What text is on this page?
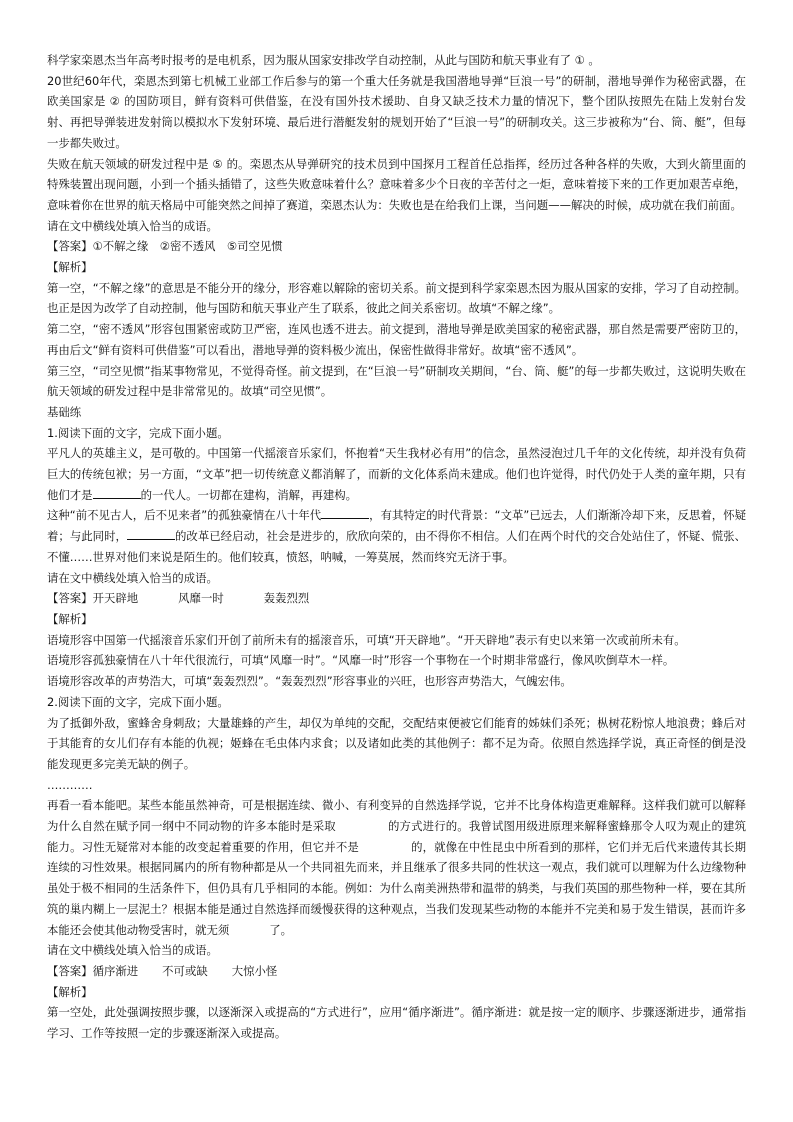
科学家栾恩杰当年高考时报考的是电机系，因为服从国家安排改学自动控制，从此与国防和航天事业有了 ① 。

20世纪60年代，栾恩杰到第七机械工业部工作后参与的第一个重大任务就是我国潜地导弹“巨浪一号”的研制，潜地导弹作为秘密武器，在欧美国家是 ② 的国防项目，鲜有资料可供借鉴，在没有国外技术援助、自身又缺乏技术力量的情况下，整个团队按照先在陆上发射台发射、再把导弹装进发射筒以模拟水下发射环境、最后进行潜艇发射的规划开始了“巨浪一号”的研制攻关。这三步被称为“台、筒、艇”，但每一步都失败过。

失败在航天领域的研发过程中是 ⑤ 的。栾恩杰从导弹研究的技术员到中国探月工程首任总指挥，经历过各种各样的失败，大到火箭里面的特殊装置出现问题，小到一个插头插错了，这些失败意味着什么？意味着多少个日夜的辛苦付之一炬，意味着接下来的工作更加艰苦卓绝，意味着你在世界的航天格局中可能突然之间掉了赛道，栾恩杰认为：失败也是在给我们上课，当问题——解决的时候，成功就在我们前面。

请在文中横线处填入恰当的成语。

【答案】①不解之缘　②密不透风　⑤司空见惯

【解析】

第一空，“不解之缘”的意思是不能分开的缘分，形容难以解除的密切关系。前文提到科学家栾恩杰因为服从国家的安排，学习了自动控制。也正是因为改学了自动控制，他与国防和航天事业产生了联系，彼此之间关系密切。故填“不解之缘”。

第二空，“密不透风”形容包围紧密或防卫严密，连风也透不进去。前文提到，潜地导弹是欧美国家的秘密武器，那自然是需要严密防卫的，再由后文“鲜有资料可供借鉴”可以看出，潜地导弹的资料极少流出，保密性做得非常好。故填“密不透风”。

第三空，“司空见惯”指某事物常见，不觉得奇怪。前文提到，在“巨浪一号”研制攻关期间，“台、筒、艇”的每一步都失败过，这说明失败在航天领域的研发过程中是非常常见的。故填“司空见惯”。

基础练

1.阅读下面的文字，完成下面小题。

平凡人的英雄主义，是可敬的。中国第一代摇滚音乐家们，怀抱着“天生我材必有用”的信念，虽然浸泡过几千年的文化传统，却并没有负荷巨大的传统包袱；另一方面，“文革”把一切传统意义都消解了，而新的文化体系尚未建成。他们也许觉得，时代仍处于人类的童年期，只有他们才是	的一代人。一切都在建构，消解，再建构。

这种“前不见古人，后不见来者”的孤独豪情在八十年代	，有其特定的时代背景：“文革”已远去，人们渐渐冷却下来，反思着，怀疑着；与此同时，	的改革已经启动，社会是进步的，欣欣向荣的，由不得你不相信。人们在两个时代的交合处站住了，怀疑、慌张、不懂……世界对他们来说是陌生的。他们较真，愤怒，呐喊，一筹莫展，然而终究无济于事。

请在文中横线处填入恰当的成语。

【答案】开天辟地	风靡一时	轰轰烈烈

【解析】

语境形容中国第一代摇滚音乐家们开创了前所未有的摇滚音乐，可填“开天辟地”。“开天辟地”表示有史以来第一次或前所未有。

语境形容孤独豪情在八十年代很流行，可填“风靡一时”。“风靡一时”形容一个事物在一个时期非常盛行，像风吹倒草木一样。

语境形容改革的声势浩大，可填“轰轰烈烈”。“轰轰烈烈”形容事业的兴旺，也形容声势浩大，气魄宏伟。

2.阅读下面的文字，完成下面小题。

为了抵御外敌，蜜蜂舍身刺敌；大量雄蜂的产生，却仅为单纯的交配，交配结束便被它们能育的姊妹们杀死；枞树花粉惊人地浪费；蜂后对于其能育的女儿们存有本能的仇视；姬蜂在毛虫体内求食；以及诸如此类的其他例子：都不足为奇。依照自然选择学说，真正奇怪的倒是没能发现更多完美无缺的例子。

…………

再看一看本能吧。某些本能虽然神奇，可是根据连续、微小、有利变异的自然选择学说，它并不比身体构造更难解释。这样我们就可以解释为什么自然在赋予同一纲中不同动物的许多本能时是采取	的方式进行的。我曾试图用级进原理来解释蜜蜂那令人叹为观止的建筑能力。习性无疑常对本能的改变起着重要的作用，但它并不是	的，就像在中性昆虫中所看到的那样，它们并无后代来遗传其长期连续的习性效果。根据同属内的所有物种都是从一个共同祖先而来，并且继承了很多共同的性状这一观点，我们就可以理解为什么边缘物种虽处于极不相同的生活条件下，但仍具有几乎相同的本能。例如：为什么南美洲热带和温带的鸫类，与我们英国的那些物种一样，要在其所筑的巢内糊上一层泥土？根据本能是通过自然选择而缓慢获得的这种观点，当我们发现某些动物的本能并不完美和易于发生错误，甚而许多本能还会使其他动物受害时，就无须	了。

请在文中横线处填入恰当的成语。

【答案】循序渐进 不可或缺 大惊小怪

【解析】

第一空处，此处强调按照步骤，以逐渐深入或提高的“方式进行”，应用“循序渐进”。循序渐进：就是按一定的顺序、步骤逐渐进步，通常指学习、工作等按照一定的步骤逐渐深入或提高。
